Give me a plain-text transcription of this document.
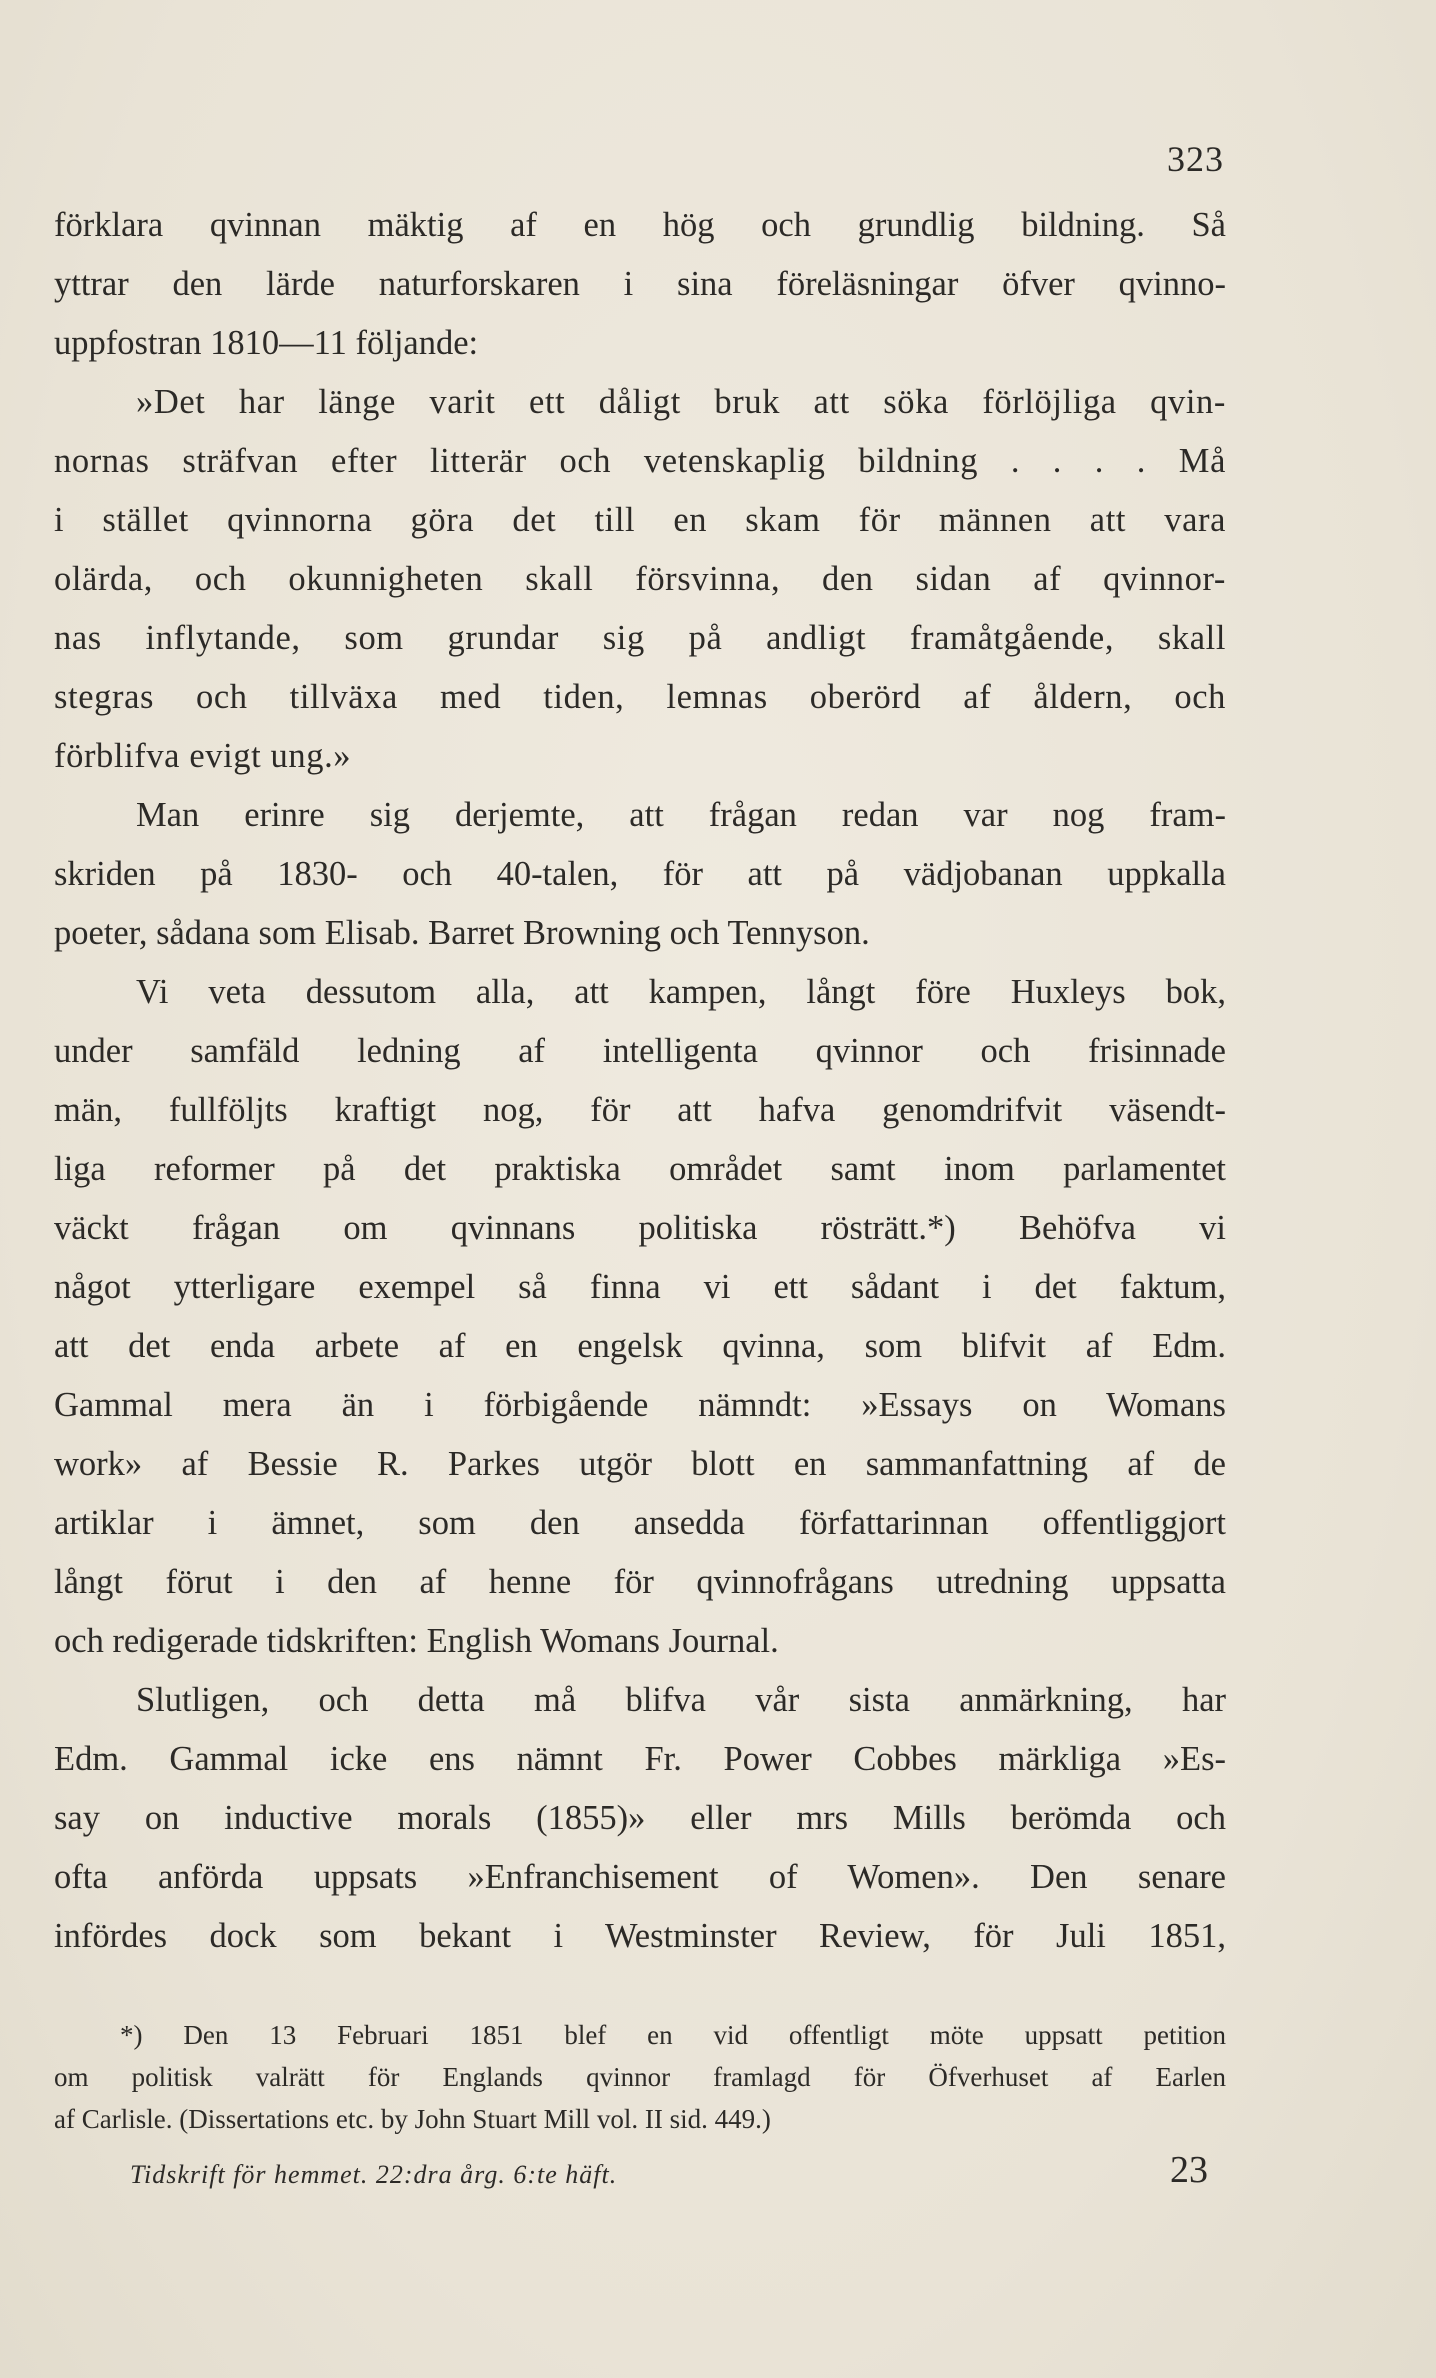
323
förklara qvinnan mäktig af en hög och grundlig bildning. Så
yttrar den lärde naturforskaren i sina föreläsningar öfver qvinno-
uppfostran 1810—11 följande:
»Det har länge varit ett dåligt bruk att söka förlöjliga qvin-
nornas sträfvan efter litterär och vetenskaplig bildning . . . . Må
i stället qvinnorna göra det till en skam för männen att vara
olärda, och okunnigheten skall försvinna, den sidan af qvinnor-
nas inflytande, som grundar sig på andligt framåtgående, skall
stegras och tillväxa med tiden, lemnas oberörd af åldern, och
förblifva evigt ung.»
Man erinre sig derjemte, att frågan redan var nog fram-
skriden på 1830- och 40-talen, för att på vädjobanan uppkalla
poeter, sådana som Elisab. Barret Browning och Tennyson.
Vi veta dessutom alla, att kampen, långt före Huxleys bok,
under samfäld ledning af intelligenta qvinnor och frisinnade
män, fullföljts kraftigt nog, för att hafva genomdrifvit väsendt-
liga reformer på det praktiska området samt inom parlamentet
väckt frågan om qvinnans politiska rösträtt.*) Behöfva vi
något ytterligare exempel så finna vi ett sådant i det faktum,
att det enda arbete af en engelsk qvinna, som blifvit af Edm.
Gammal mera än i förbigående nämndt: »Essays on Womans
work» af Bessie R. Parkes utgör blott en sammanfattning af de
artiklar i ämnet, som den ansedda författarinnan offentliggjort
långt förut i den af henne för qvinnofrågans utredning uppsatta
och redigerade tidskriften: English Womans Journal.
Slutligen, och detta må blifva vår sista anmärkning, har
Edm. Gammal icke ens nämnt Fr. Power Cobbes märkliga »Es-
say on inductive morals (1855)» eller mrs Mills berömda och
ofta anförda uppsats »Enfranchisement of Women». Den senare
infördes dock som bekant i Westminster Review, för Juli 1851,
*) Den 13 Februari 1851 blef en vid offentligt möte uppsatt petition
om politisk valrätt för Englands qvinnor framlagd för Öfverhuset af Earlen
af Carlisle. (Dissertations etc. by John Stuart Mill vol. II sid. 449.)
Tidskrift för hemmet. 22:dra årg. 6:te häft.	23
